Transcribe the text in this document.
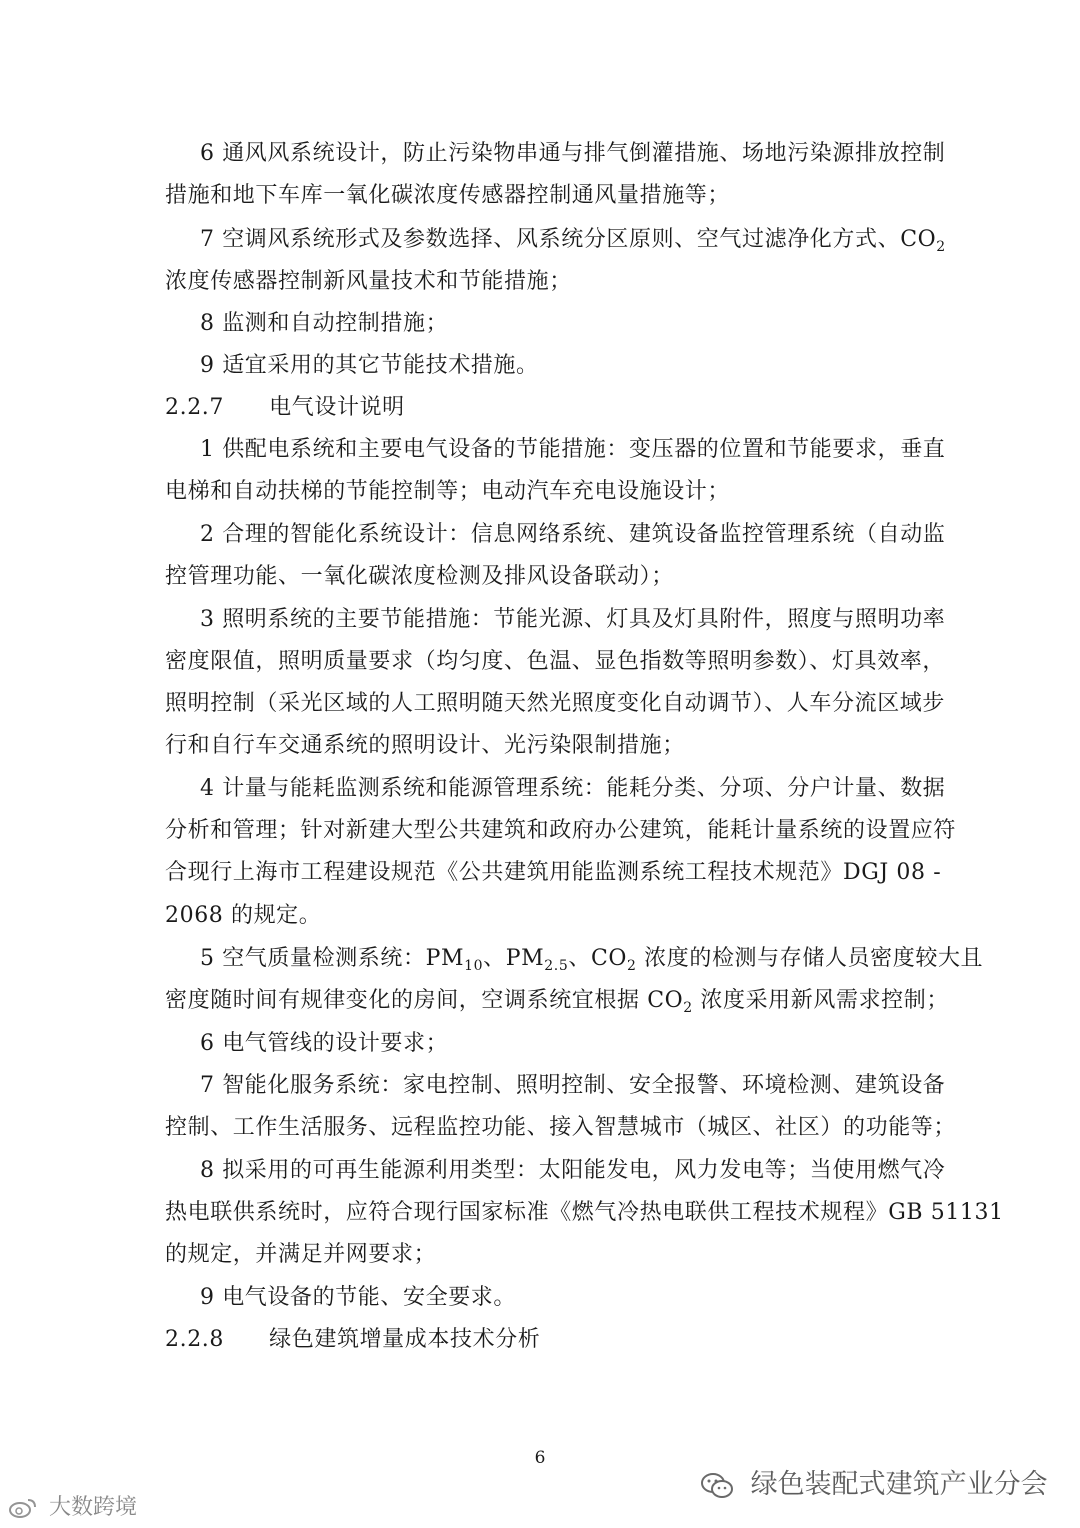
6 通风风系统设计，防止污染物串通与排气倒灌措施、场地污染源排放控制
措施和地下车库一氧化碳浓度传感器控制通风量措施等；
7 空调风系统形式及参数选择、风系统分区原则、空气过滤净化方式、$CO_2$
浓度传感器控制新风量技术和节能措施；
8 监测和自动控制措施；
9 适宜采用的其它节能技术措施。
2.2.7　　电气设计说明
1 供配电系统和主要电气设备的节能措施：变压器的位置和节能要求，垂直
电梯和自动扶梯的节能控制等；电动汽车充电设施设计；
2 合理的智能化系统设计：信息网络系统、建筑设备监控管理系统（自动监
控管理功能、一氧化碳浓度检测及排风设备联动）；
3 照明系统的主要节能措施：节能光源、灯具及灯具附件，照度与照明功率
密度限值，照明质量要求（均匀度、色温、显色指数等照明参数）、灯具效率，
照明控制（采光区域的人工照明随天然光照度变化自动调节）、人车分流区域步
行和自行车交通系统的照明设计、光污染限制措施；
4 计量与能耗监测系统和能源管理系统：能耗分类、分项、分户计量、数据
分析和管理；针对新建大型公共建筑和政府办公建筑，能耗计量系统的设置应符
合现行上海市工程建设规范《公共建筑用能监测系统工程技术规范》DGJ 08 -
2068 的规定。
5 空气质量检测系统：$PM_{10}$、$PM_{2.5}$、$CO_2$ 浓度的检测与存储人员密度较大且
密度随时间有规律变化的房间，空调系统宜根据 $CO_2$ 浓度采用新风需求控制；
6 电气管线的设计要求；
7 智能化服务系统：家电控制、照明控制、安全报警、环境检测、建筑设备
控制、工作生活服务、远程监控功能、接入智慧城市（城区、社区）的功能等；
8 拟采用的可再生能源利用类型：太阳能发电，风力发电等；当使用燃气冷
热电联供系统时，应符合现行国家标准《燃气冷热电联供工程技术规程》GB 51131
的规定，并满足并网要求；
9 电气设备的节能、安全要求。
2.2.8　　绿色建筑增量成本技术分析
6
绿色装配式建筑产业分会
大数跨境
